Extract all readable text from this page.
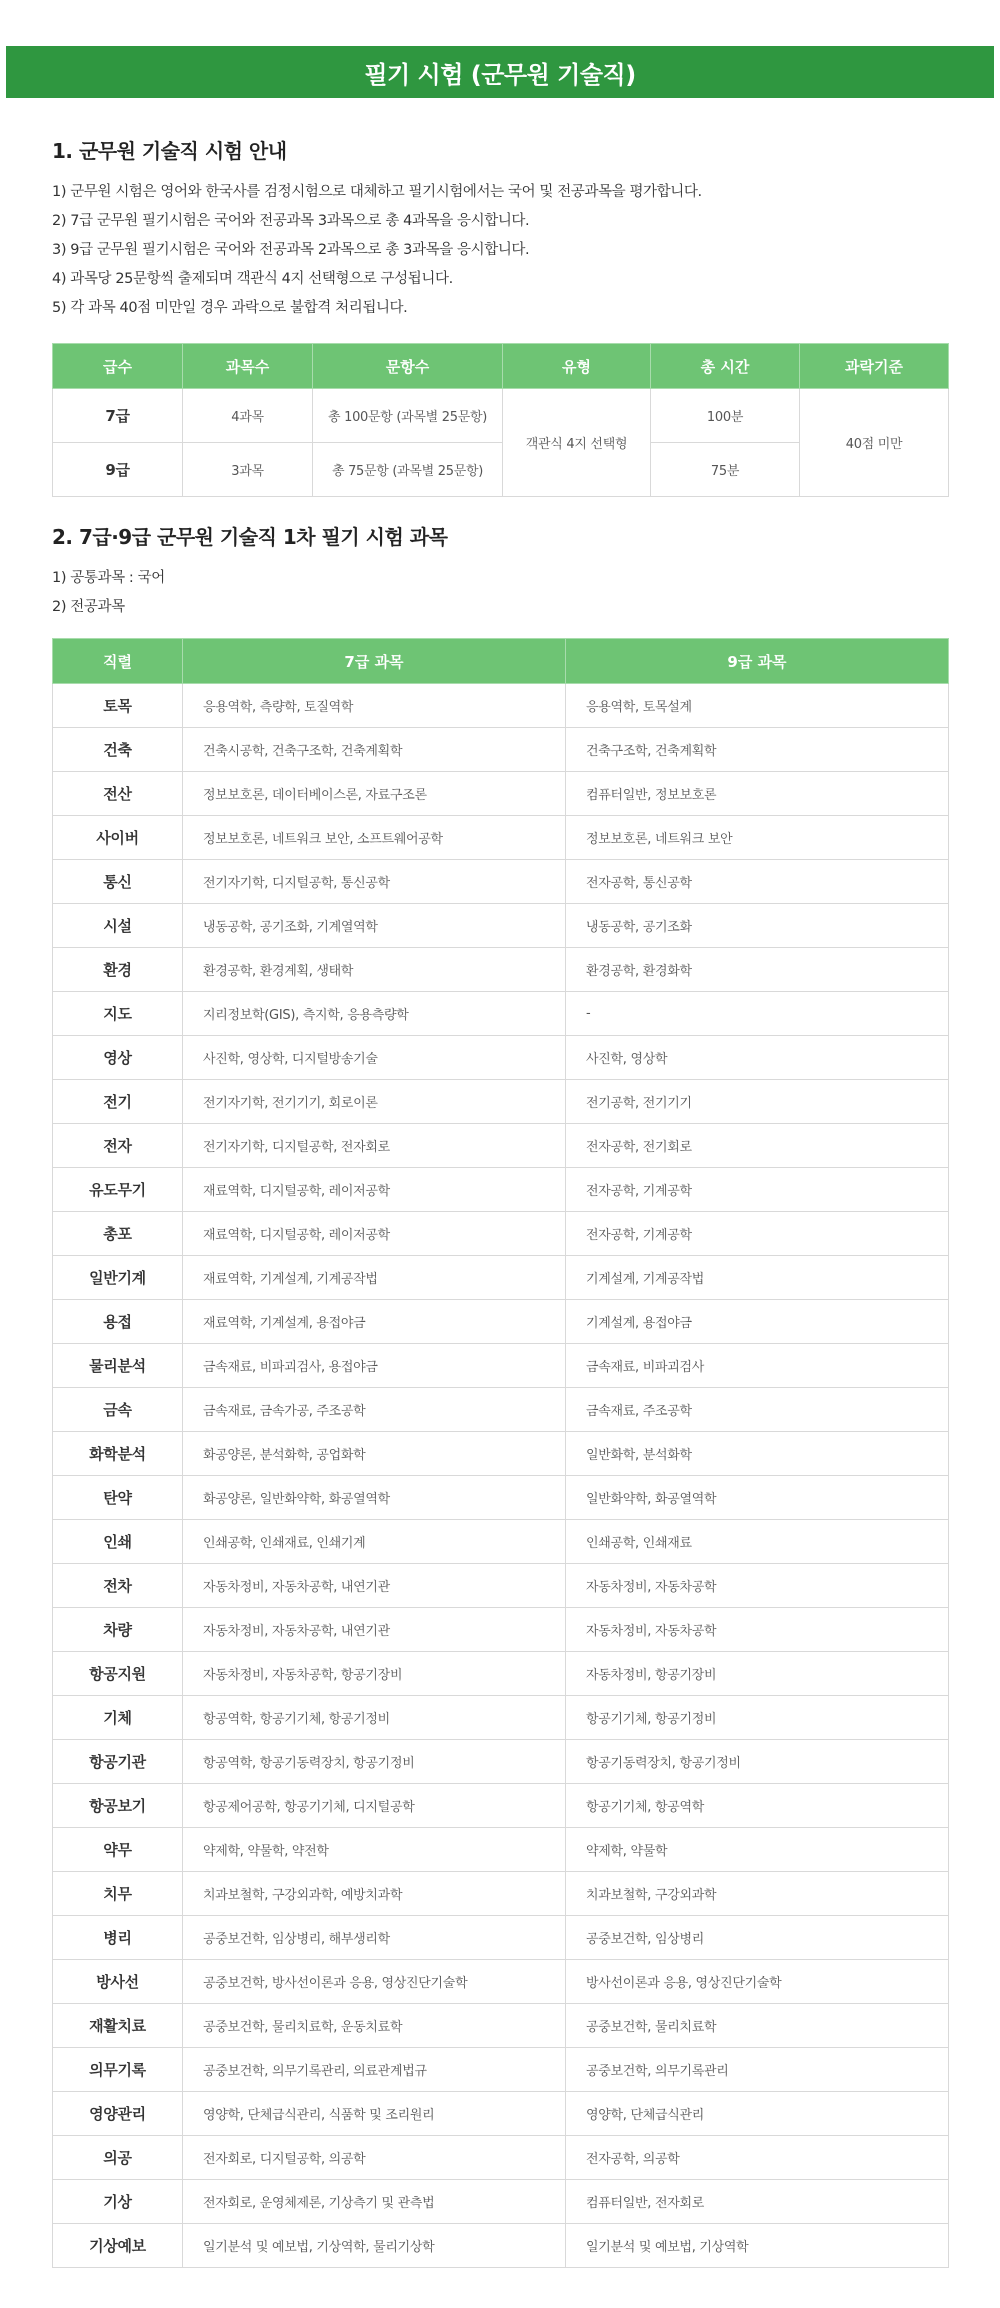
필기 시험 (군무원 기술직)
1. 군무원 기술직 시험 안내
1) 군무원 시험은 영어와 한국사를 검정시험으로 대체하고 필기시험에서는 국어 및 전공과목을 평가합니다.
2) 7급 군무원 필기시험은 국어와 전공과목 3과목으로 총 4과목을 응시합니다.
3) 9급 군무원 필기시험은 국어와 전공과목 2과목으로 총 3과목을 응시합니다.
4) 과목당 25문항씩 출제되며 객관식 4지 선택형으로 구성됩니다.
5) 각 과목 40점 미만일 경우 과락으로 불합격 처리됩니다.
급수	과목수	문항수	유형	총 시간	과락기준
7급	4과목	총 100문항 (과목별 25문항)	객관식 4지 선택형	100분	40점 미만
9급	3과목	총 75문항 (과목별 25문항)		75분	
2. 7급·9급 군무원 기술직 1차 필기 시험 과목
1) 공통과목 : 국어
2) 전공과목
직렬	7급 과목	9급 과목
토목	응용역학, 측량학, 토질역학	응용역학, 토목설계
건축	건축시공학, 건축구조학, 건축계획학	건축구조학, 건축계획학
전산	정보보호론, 데이터베이스론, 자료구조론	컴퓨터일반, 정보보호론
사이버	정보보호론, 네트워크 보안, 소프트웨어공학	정보보호론, 네트워크 보안
통신	전기자기학, 디지털공학, 통신공학	전자공학, 통신공학
시설	냉동공학, 공기조화, 기계열역학	냉동공학, 공기조화
환경	환경공학, 환경계획, 생태학	환경공학, 환경화학
지도	지리정보학(GIS), 측지학, 응용측량학	-
영상	사진학, 영상학, 디지털방송기술	사진학, 영상학
전기	전기자기학, 전기기기, 회로이론	전기공학, 전기기기
전자	전기자기학, 디지털공학, 전자회로	전자공학, 전기회로
유도무기	재료역학, 디지털공학, 레이저공학	전자공학, 기계공학
총포	재료역학, 디지털공학, 레이저공학	전자공학, 기계공학
일반기계	재료역학, 기계설계, 기계공작법	기계설계, 기계공작법
용접	재료역학, 기계설계, 용접야금	기계설계, 용접야금
물리분석	금속재료, 비파괴검사, 용접야금	금속재료, 비파괴검사
금속	금속재료, 금속가공, 주조공학	금속재료, 주조공학
화학분석	화공양론, 분석화학, 공업화학	일반화학, 분석화학
탄약	화공양론, 일반화약학, 화공열역학	일반화약학, 화공열역학
인쇄	인쇄공학, 인쇄재료, 인쇄기계	인쇄공학, 인쇄재료
전차	자동차정비, 자동차공학, 내연기관	자동차정비, 자동차공학
차량	자동차정비, 자동차공학, 내연기관	자동차정비, 자동차공학
항공지원	자동차정비, 자동차공학, 항공기장비	자동차정비, 항공기장비
기체	항공역학, 항공기기체, 항공기정비	항공기기체, 항공기정비
항공기관	항공역학, 항공기동력장치, 항공기정비	항공기동력장치, 항공기정비
항공보기	항공제어공학, 항공기기체, 디지털공학	항공기기체, 항공역학
약무	약제학, 약물학, 약전학	약제학, 약물학
치무	치과보철학, 구강외과학, 예방치과학	치과보철학, 구강외과학
병리	공중보건학, 임상병리, 해부생리학	공중보건학, 임상병리
방사선	공중보건학, 방사선이론과 응용, 영상진단기술학	방사선이론과 응용, 영상진단기술학
재활치료	공중보건학, 물리치료학, 운동치료학	공중보건학, 물리치료학
의무기록	공중보건학, 의무기록관리, 의료관계법규	공중보건학, 의무기록관리
영양관리	영양학, 단체급식관리, 식품학 및 조리원리	영양학, 단체급식관리
의공	전자회로, 디지털공학, 의공학	전자공학, 의공학
기상	전자회로, 운영체제론, 기상측기 및 관측법	컴퓨터일반, 전자회로
기상예보	일기분석 및 예보법, 기상역학, 물리기상학	일기분석 및 예보법, 기상역학
